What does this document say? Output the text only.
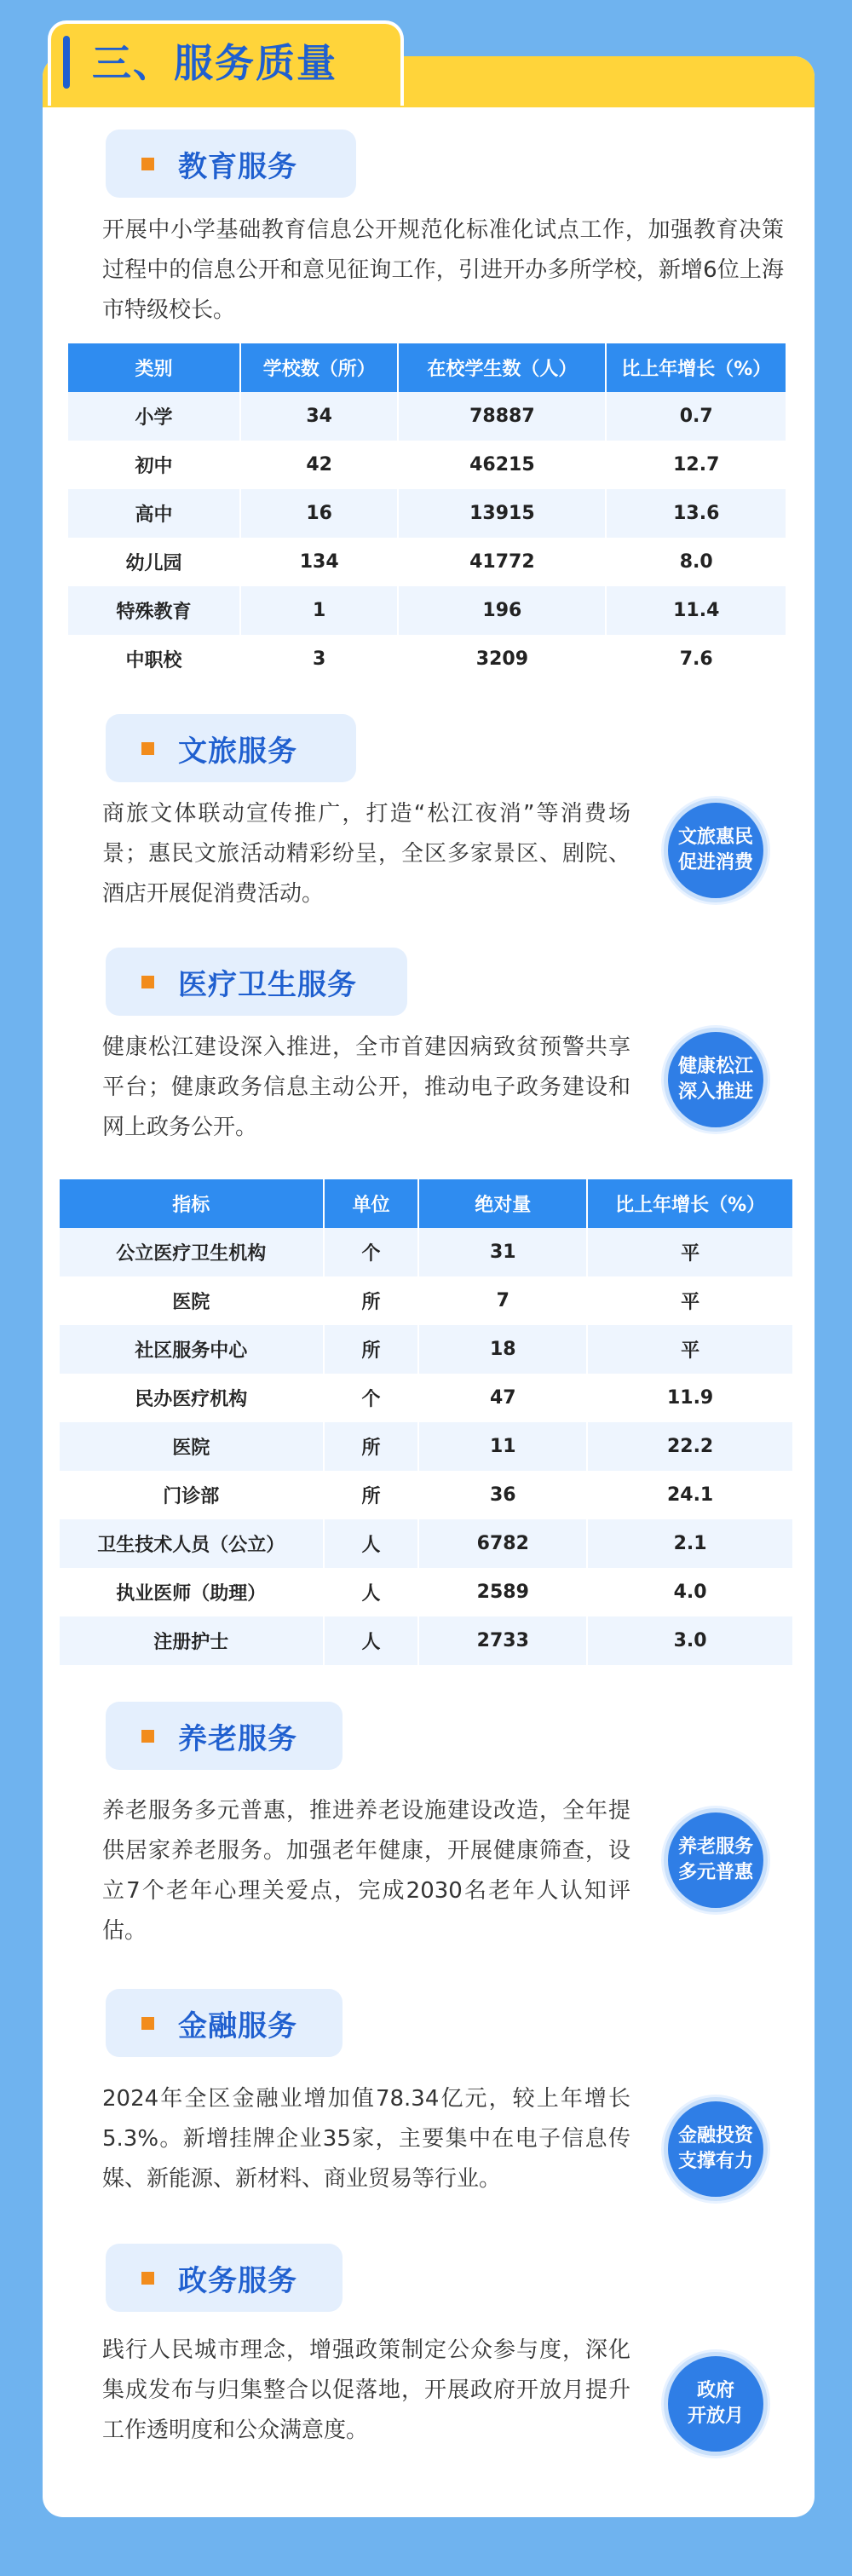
三、服务质量
教育服务
开展中小学基础教育信息公开规范化标准化试点工作，加强教育决策过程中的信息公开和意见征询工作，引进开办多所学校，新增6位上海市特级校长。
类别	学校数（所）	在校学生数（人）	比上年增长（%）
小学	34	78887	0.7
初中	42	46215	12.7
高中	16	13915	13.6
幼儿园	134	41772	8.0
特殊教育	1	196	11.4
中职校	3	3209	7.6
文旅服务
商旅文体联动宣传推广，打造“松江夜消”等消费场景；惠民文旅活动精彩纷呈，全区多家景区、剧院、酒店开展促消费活动。
文旅惠民
促进消费
医疗卫生服务
健康松江建设深入推进，全市首建因病致贫预警共享平台；健康政务信息主动公开，推动电子政务建设和网上政务公开。
健康松江
深入推进
指标	单位	绝对量	比上年增长（%）
公立医疗卫生机构	个	31	平
医院	所	7	平
社区服务中心	所	18	平
民办医疗机构	个	47	11.9
医院	所	11	22.2
门诊部	所	36	24.1
卫生技术人员（公立）	人	6782	2.1
执业医师（助理）	人	2589	4.0
注册护士	人	2733	3.0
养老服务
养老服务多元普惠，推进养老设施建设改造，全年提供居家养老服务。加强老年健康，开展健康筛查，设立7个老年心理关爱点，完成2030名老年人认知评估。
养老服务
多元普惠
金融服务
2024年全区金融业增加值78.34亿元，较上年增长5.3%。新增挂牌企业35家，主要集中在电子信息传媒、新能源、新材料、商业贸易等行业。
金融投资
支撑有力
政务服务
践行人民城市理念，增强政策制定公众参与度，深化集成发布与归集整合以促落地，开展政府开放月提升工作透明度和公众满意度。
政府
开放月
